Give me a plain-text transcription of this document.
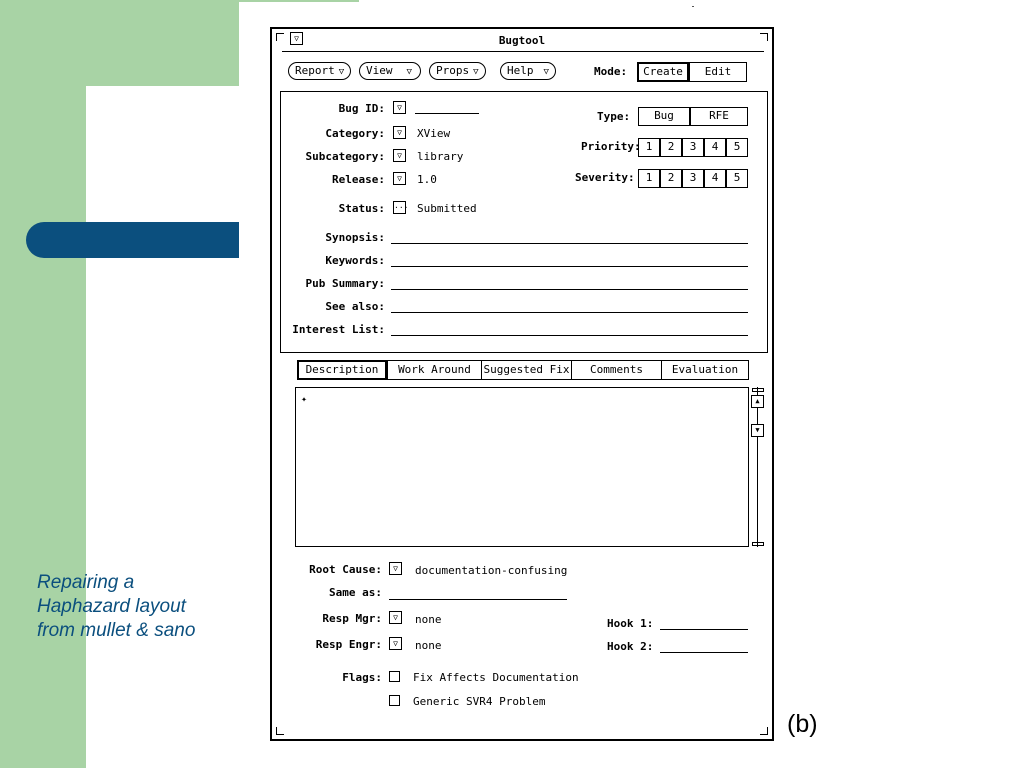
Repairing a Haphazard layout from mullet & sano
(b)
▽	Bugtool
Report ▽	View ▽	Props ▽	Help ▽	Mode:	Create	Edit
Bug ID:	▽
Category:	▽	XView
Subcategory:	▽	library
Release:	▽	1.0
Status: ... Submitted
Type:	Bug	RFE
Priority: 1	2	3	4	5
Severity:	1	2	3	4	5
Synopsis:
Keywords:
Pub Summary:
See also:
Interest List:
Description	Work Around	Suggested Fix	Comments	Evaluation
✦	▲
▼
Root Cause:	▽	documentation-confusing
Same as:
Resp Mgr:	▽	none
Resp Engr:	▽	none
Hook 1:
Hook 2:
Flags:	Fix Affects Documentation
Generic SVR4 Problem
